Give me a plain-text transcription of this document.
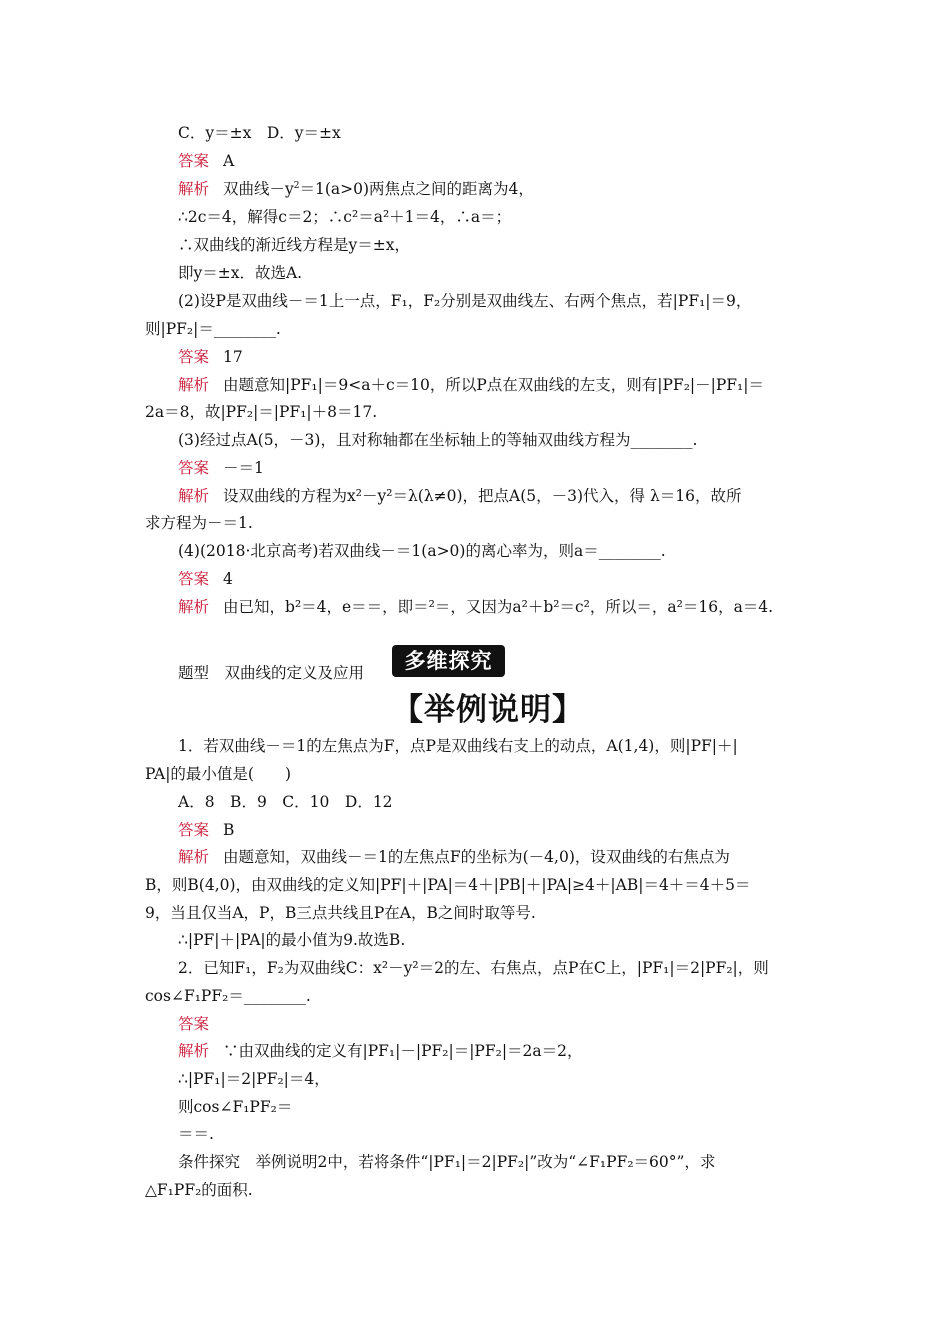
C．y＝±x　D．y＝±x
答案 A
解析 双曲线$-y^2=1(a>0)$两焦点之间的距离为4，
∴2c＝4，解得c＝2；∴c²＝a²＋1＝4，∴a＝；
∴双曲线的渐近线方程是y＝±x，
即y＝±x．故选A.
(2)设P是双曲线－＝1上一点，F₁，F₂分别是双曲线左、右两个焦点，若|PF₁|＝9，
则|PF₂|＝________.
答案 17
解析 由题意知|PF₁|＝9<a＋c＝10，所以P点在双曲线的左支，则有|PF₂|－|PF₁|＝
2a＝8，故|PF₂|＝|PF₁|＋8＝17.
(3)经过点A(5，－3)，且对称轴都在坐标轴上的等轴双曲线方程为________.
答案 －＝1
解析 设双曲线的方程为x²－y²＝λ(λ≠0)，把点A(5，－3)代入，得 λ＝16，故所
求方程为－＝1.
(4)(2018·北京高考)若双曲线－＝1(a>0)的离心率为，则a＝________.
答案 4
解析 由已知，b²＝4，e＝＝，即＝²＝，又因为a²＋b²＝c²，所以＝，a²＝16，a＝4.
题型　双曲线的定义及应用	多维探究
【举例说明】
1．若双曲线－＝1的左焦点为F，点P是双曲线右支上的动点，A(1,4)，则|PF|＋|
PA|的最小值是(　　)
A．8　B．9　C．10　D．12
答案 B
解析 由题意知，双曲线－＝1的左焦点F的坐标为(－4,0)，设双曲线的右焦点为
B，则B(4,0)，由双曲线的定义知|PF|＋|PA|＝4＋|PB|＋|PA|≥4＋|AB|＝4＋＝4＋5＝
9，当且仅当A，P，B三点共线且P在A，B之间时取等号.
∴|PF|＋|PA|的最小值为9.故选B.
2．已知F₁，F₂为双曲线C：x²－y²＝2的左、右焦点，点P在C上，|PF₁|＝2|PF₂|，则
cos∠F₁PF₂＝________.
答案
解析 ∵由双曲线的定义有|PF₁|－|PF₂|＝|PF₂|＝2a＝2，
∴|PF₁|＝2|PF₂|＝4，
则cos∠F₁PF₂＝
＝＝.
条件探究　举例说明2中，若将条件“|PF₁|＝2|PF₂|”改为“∠F₁PF₂＝60°”，求
△F₁PF₂的面积.
